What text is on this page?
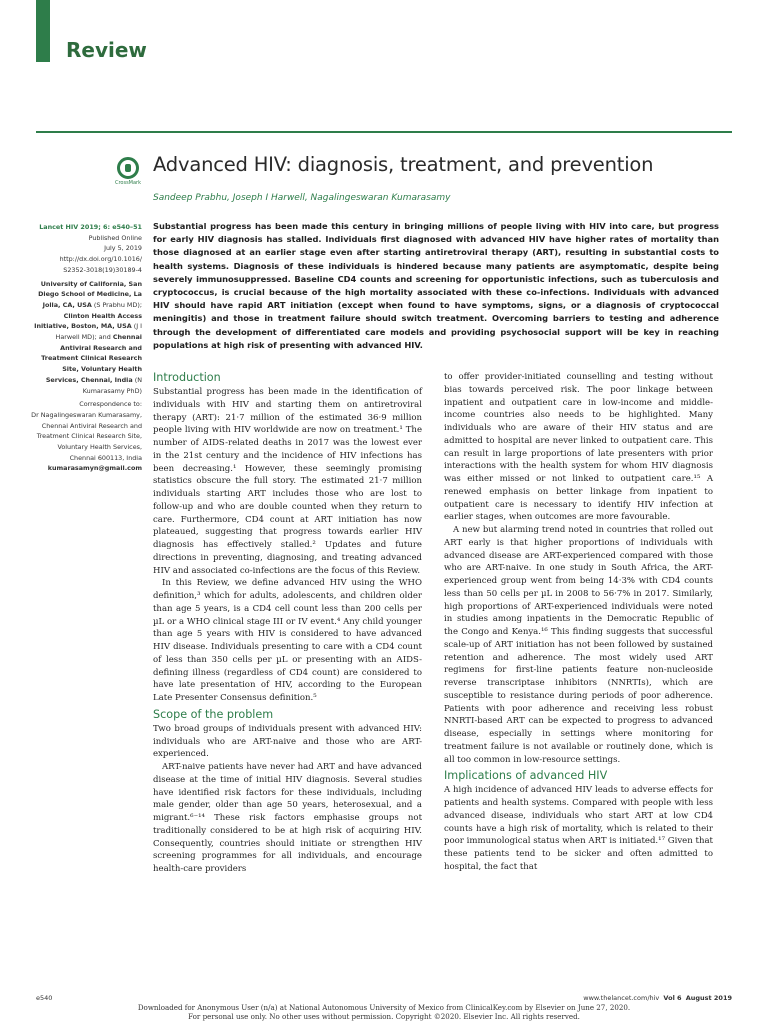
Review
CrossMark
Advanced HIV: diagnosis, treatment, and prevention
Sandeep Prabhu, Joseph I Harwell, Nagalingeswaran Kumarasamy

Lancet HIV 2019; 6: e540–51
Published Online
July 5, 2019
http://dx.doi.org/10.1016/
S2352-3018(19)30189-4

University of California, San Diego School of Medicine, La Jolla, CA, USA (S Prabhu MD); Clinton Health Access Initiative, Boston, MA, USA (J I Harwell MD); and Chennai Antiviral Research and Treatment Clinical Research Site, Voluntary Health Services, Chennai, India (N Kumarasamy PhD)

Correspondence to:
Dr Nagalingeswaran Kumarasamy, Chennai Antiviral Research and Treatment Clinical Research Site, Voluntary Health Services, Chennai 600113, India
kumarasamyn@gmail.com

Substantial progress has been made this century in bringing millions of people living with HIV into care, but progress for early HIV diagnosis has stalled. Individuals first diagnosed with advanced HIV have higher rates of mortality than those diagnosed at an earlier stage even after starting antiretroviral therapy (ART), resulting in substantial costs to health systems. Diagnosis of these individuals is hindered because many patients are asymptomatic, despite being severely immunosuppressed. Baseline CD4 counts and screening for opportunistic infections, such as tuberculosis and cryptococcus, is crucial because of the high mortality associated with these co-infections. Individuals with advanced HIV should have rapid ART initiation (except when found to have symptoms, signs, or a diagnosis of cryptococcal meningitis) and those in treatment failure should switch treatment. Overcoming barriers to testing and adherence through the development of differentiated care models and providing psychosocial support will be key in reaching populations at high risk of presenting with advanced HIV.

Introduction

Substantial progress has been made in the identification of individuals with HIV and starting them on antiretroviral therapy (ART): 21·7 million of the estimated 36·9 million people living with HIV worldwide are now on treatment.¹ The number of AIDS-related deaths in 2017 was the lowest ever in the 21st century and the incidence of HIV infections has been decreasing.¹ However, these seemingly promising statistics obscure the full story. The estimated 21·7 million individuals starting ART includes those who are lost to follow-up and who are double counted when they return to care. Furthermore, CD4 count at ART initiation has now plateaued, suggesting that progress towards earlier HIV diagnosis has effectively stalled.² Updates and future directions in preventing, diagnosing, and treating advanced HIV and associated co-infections are the focus of this Review.

In this Review, we define advanced HIV using the WHO definition,³ which for adults, adolescents, and children older than age 5 years, is a CD4 cell count less than 200 cells per µL or a WHO clinical stage III or IV event.⁴ Any child younger than age 5 years with HIV is considered to have advanced HIV disease. Individuals presenting to care with a CD4 count of less than 350 cells per µL or presenting with an AIDS-defining illness (regardless of CD4 count) are considered to have late presentation of HIV, according to the European Late Presenter Consensus definition.⁵

Scope of the problem

Two broad groups of individuals present with advanced HIV: individuals who are ART-naive and those who are ART-experienced.

ART-naive patients have never had ART and have advanced disease at the time of initial HIV diagnosis. Several studies have identified risk factors for these individuals, including male gender, older than age 50 years, heterosexual, and a migrant.⁶⁻¹⁴ These risk factors emphasise groups not traditionally considered to be at high risk of acquiring HIV. Consequently, countries should initiate or strengthen HIV screening programmes for all individuals, and encourage health-care providers

to offer provider-initiated counselling and testing without bias towards perceived risk. The poor linkage between inpatient and outpatient care in low-income and middle-income countries also needs to be highlighted. Many individuals who are aware of their HIV status and are admitted to hospital are never linked to outpatient care. This can result in large proportions of late presenters with prior interactions with the health system for whom HIV diagnosis was either missed or not linked to outpatient care.¹⁵ A renewed emphasis on better linkage from inpatient to outpatient care is necessary to identify HIV infection at earlier stages, when outcomes are more favourable.

A new but alarming trend noted in countries that rolled out ART early is that higher proportions of individuals with advanced disease are ART-experienced compared with those who are ART-naive. In one study in South Africa, the ART-experienced group went from being 14·3% with CD4 counts less than 50 cells per µL in 2008 to 56·7% in 2017. Similarly, high proportions of ART-experienced individuals were noted in studies among inpatients in the Democratic Republic of the Congo and Kenya.¹⁶ This finding suggests that successful scale-up of ART initiation has not been followed by sustained retention and adherence. The most widely used ART regimens for first-line patients feature non-nucleoside reverse transcriptase inhibitors (NNRTIs), which are susceptible to resistance during periods of poor adherence. Patients with poor adherence and receiving less robust NNRTI-based ART can be expected to progress to advanced disease, especially in settings where monitoring for treatment failure is not available or routinely done, which is all too common in low-resource settings.

Implications of advanced HIV

A high incidence of advanced HIV leads to adverse effects for patients and health systems. Compared with people with less advanced disease, individuals who start ART at low CD4 counts have a high risk of mortality, which is related to their poor immunological status when ART is initiated.¹⁷ Given that these patients tend to be sicker and often admitted to hospital, the fact that

e540	www.thelancet.com/hiv Vol 6 August 2019
Downloaded for Anonymous User (n/a) at National Autonomous University of Mexico from ClinicalKey.com by Elsevier on June 27, 2020.
For personal use only. No other uses without permission. Copyright ©2020. Elsevier Inc. All rights reserved.
